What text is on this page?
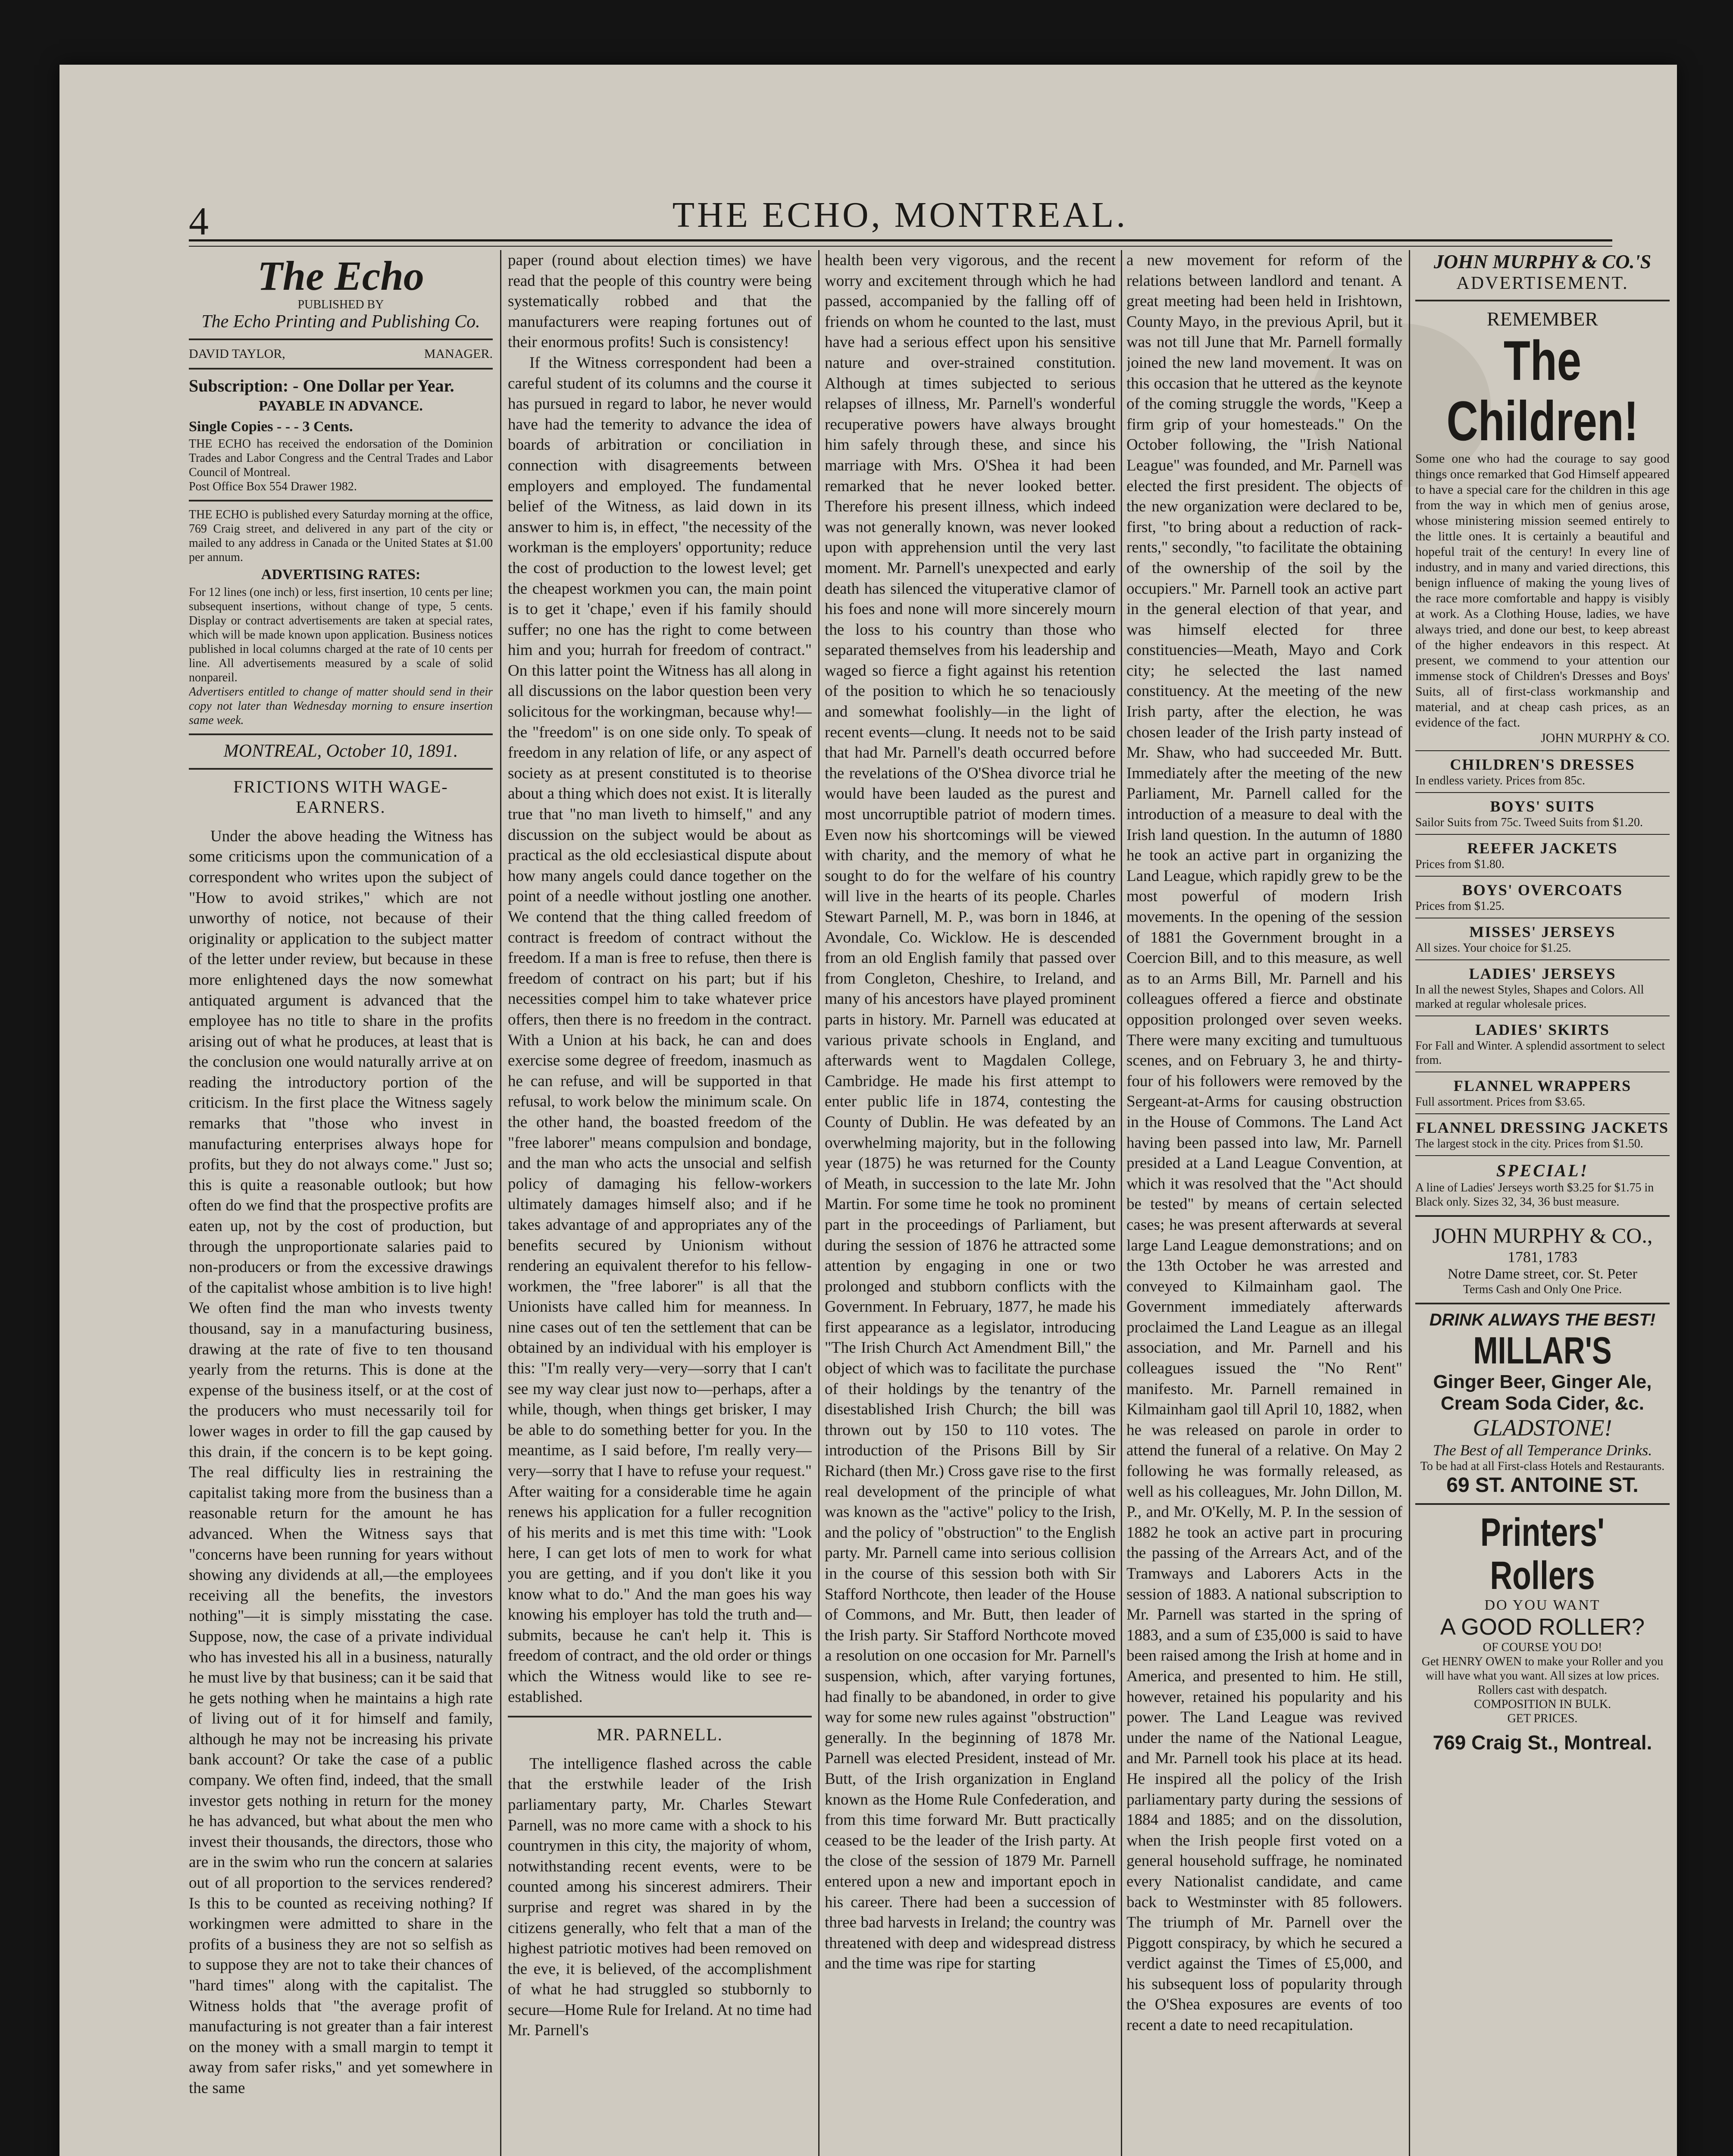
4	THE ECHO, MONTREAL.
The Echo
PUBLISHED BY
The Echo Printing and Publishing Co.
DAVID TAYLOR,	MANAGER.
Subscription: - One Dollar per Year.
PAYABLE IN ADVANCE.
Single Copies - - - 3 Cents.
THE ECHO has received the endorsation of the Dominion Trades and Labor Congress and the Central Trades and Labor Council of Montreal.
Post Office Box 554 Drawer 1982.
THE ECHO is published every Saturday morning at the office, 769 Craig street, and delivered in any part of the city or mailed to any address in Canada or the United States at $1.00 per annum.
ADVERTISING RATES:
For 12 lines (one inch) or less, first insertion, 10 cents per line; subsequent insertions, without change of type, 5 cents. Display or contract advertisements are taken at special rates, which will be made known upon application. Business notices published in local columns charged at the rate of 10 cents per line. All advertisements measured by a scale of solid nonpareil.
Advertisers entitled to change of matter should send in their copy not later than Wednesday morning to ensure insertion same week.
MONTREAL, October 10, 1891.
FRICTIONS WITH WAGE-EARNERS.

Under the above heading the Witness has some criticisms upon the communication of a correspondent who writes upon the subject of "How to avoid strikes," which are not unworthy of notice, not because of their originality or application to the subject matter of the letter under review, but because in these more enlightened days the now somewhat antiquated argument is advanced that the employee has no title to share in the profits arising out of what he produces, at least that is the conclusion one would naturally arrive at on reading the introductory portion of the criticism. In the first place the Witness sagely remarks that "those who invest in manufacturing enterprises always hope for profits, but they do not always come." Just so; this is quite a reasonable outlook; but how often do we find that the prospective profits are eaten up, not by the cost of production, but through the unproportionate salaries paid to non-producers or from the excessive drawings of the capitalist whose ambition is to live high! We often find the man who invests twenty thousand, say in a manufacturing business, drawing at the rate of five to ten thousand yearly from the returns. This is done at the expense of the business itself, or at the cost of the producers who must necessarily toil for lower wages in order to fill the gap caused by this drain, if the concern is to be kept going. The real difficulty lies in restraining the capitalist taking more from the business than a reasonable return for the amount he has advanced. When the Witness says that "concerns have been running for years without showing any dividends at all,—the employees receiving all the benefits, the investors nothing"—it is simply misstating the case. Suppose, now, the case of a private individual who has invested his all in a business, naturally he must live by that business; can it be said that he gets nothing when he maintains a high rate of living out of it for himself and family, although he may not be increasing his private bank account? Or take the case of a public company. We often find, indeed, that the small investor gets nothing in return for the money he has advanced, but what about the men who invest their thousands, the directors, those who are in the swim who run the concern at salaries out of all proportion to the services rendered? Is this to be counted as receiving nothing? If workingmen were admitted to share in the profits of a business they are not so selfish as to suppose they are not to take their chances of "hard times" along with the capitalist. The Witness holds that "the average profit of manufacturing is not greater than a fair interest on the money with a small margin to tempt it away from safer risks," and yet somewhere in the same

paper (round about election times) we have read that the people of this country were being systematically robbed and that the manufacturers were reaping fortunes out of their enormous profits! Such is consistency!

If the Witness correspondent had been a careful student of its columns and the course it has pursued in regard to labor, he never would have had the temerity to advance the idea of boards of arbitration or conciliation in connection with disagreements between employers and employed. The fundamental belief of the Witness, as laid down in its answer to him is, in effect, "the necessity of the workman is the employers' opportunity; reduce the cost of production to the lowest level; get the cheapest workmen you can, the main point is to get it 'chape,' even if his family should suffer; no one has the right to come between him and you; hurrah for freedom of contract." On this latter point the Witness has all along in all discussions on the labor question been very solicitous for the workingman, because why!—the "freedom" is on one side only. To speak of freedom in any relation of life, or any aspect of society as at present constituted is to theorise about a thing which does not exist. It is literally true that "no man liveth to himself," and any discussion on the subject would be about as practical as the old ecclesiastical dispute about how many angels could dance together on the point of a needle without jostling one another. We contend that the thing called freedom of contract is freedom of contract without the freedom. If a man is free to refuse, then there is freedom of contract on his part; but if his necessities compel him to take whatever price offers, then there is no freedom in the contract. With a Union at his back, he can and does exercise some degree of freedom, inasmuch as he can refuse, and will be supported in that refusal, to work below the minimum scale. On the other hand, the boasted freedom of the "free laborer" means compulsion and bondage, and the man who acts the unsocial and selfish policy of damaging his fellow-workers ultimately damages himself also; and if he takes advantage of and appropriates any of the benefits secured by Unionism without rendering an equivalent therefor to his fellow-workmen, the "free laborer" is all that the Unionists have called him for meanness. In nine cases out of ten the settlement that can be obtained by an individual with his employer is this: "I'm really very—very—sorry that I can't see my way clear just now to—perhaps, after a while, though, when things get brisker, I may be able to do something better for you. In the meantime, as I said before, I'm really very—very—sorry that I have to refuse your request." After waiting for a considerable time he again renews his application for a fuller recognition of his merits and is met this time with: "Look here, I can get lots of men to work for what you are getting, and if you don't like it you know what to do." And the man goes his way knowing his employer has told the truth and—submits, because he can't help it. This is freedom of contract, and the old order or things which the Witness would like to see re-established.

MR. PARNELL.

The intelligence flashed across the cable that the erstwhile leader of the Irish parliamentary party, Mr. Charles Stewart Parnell, was no more came with a shock to his countrymen in this city, the majority of whom, notwithstanding recent events, were to be counted among his sincerest admirers. Their surprise and regret was shared in by the citizens generally, who felt that a man of the highest patriotic motives had been removed on the eve, it is believed, of the accomplishment of what he had struggled so stubbornly to secure—Home Rule for Ireland. At no time had Mr. Parnell's

health been very vigorous, and the recent worry and excitement through which he had passed, accompanied by the falling off of friends on whom he counted to the last, must have had a serious effect upon his sensitive nature and over-strained constitution. Although at times subjected to serious relapses of illness, Mr. Parnell's wonderful recuperative powers have always brought him safely through these, and since his marriage with Mrs. O'Shea it had been remarked that he never looked better. Therefore his present illness, which indeed was not generally known, was never looked upon with apprehension until the very last moment. Mr. Parnell's unexpected and early death has silenced the vituperative clamor of his foes and none will more sincerely mourn the loss to his country than those who separated themselves from his leadership and waged so fierce a fight against his retention of the position to which he so tenaciously and somewhat foolishly—in the light of recent events—clung. It needs not to be said that had Mr. Parnell's death occurred before the revelations of the O'Shea divorce trial he would have been lauded as the purest and most uncorruptible patriot of modern times. Even now his shortcomings will be viewed with charity, and the memory of what he sought to do for the welfare of his country will live in the hearts of its people. Charles Stewart Parnell, M. P., was born in 1846, at Avondale, Co. Wicklow. He is descended from an old English family that passed over from Congleton, Cheshire, to Ireland, and many of his ancestors have played prominent parts in history. Mr. Parnell was educated at various private schools in England, and afterwards went to Magdalen College, Cambridge. He made his first attempt to enter public life in 1874, contesting the County of Dublin. He was defeated by an overwhelming majority, but in the following year (1875) he was returned for the County of Meath, in succession to the late Mr. John Martin. For some time he took no prominent part in the proceedings of Parliament, but during the session of 1876 he attracted some attention by engaging in one or two prolonged and stubborn conflicts with the Government. In February, 1877, he made his first appearance as a legislator, introducing "The Irish Church Act Amendment Bill," the object of which was to facilitate the purchase of their holdings by the tenantry of the disestablished Irish Church; the bill was thrown out by 150 to 110 votes. The introduction of the Prisons Bill by Sir Richard (then Mr.) Cross gave rise to the first real development of the principle of what was known as the "active" policy to the Irish, and the policy of "obstruction" to the English party. Mr. Parnell came into serious collision in the course of this session both with Sir Stafford Northcote, then leader of the House of Commons, and Mr. Butt, then leader of the Irish party. Sir Stafford Northcote moved a resolution on one occasion for Mr. Parnell's suspension, which, after varying fortunes, had finally to be abandoned, in order to give way for some new rules against "obstruction" generally. In the beginning of 1878 Mr. Parnell was elected President, instead of Mr. Butt, of the Irish organization in England known as the Home Rule Confederation, and from this time forward Mr. Butt practically ceased to be the leader of the Irish party. At the close of the session of 1879 Mr. Parnell entered upon a new and important epoch in his career. There had been a succession of three bad harvests in Ireland; the country was threatened with deep and widespread distress and the time was ripe for starting

a new movement for reform of the relations between landlord and tenant. A great meeting had been held in Irishtown, County Mayo, in the previous April, but it was not till June that Mr. Parnell formally joined the new land movement. It was on this occasion that he uttered as the keynote of the coming struggle the words, "Keep a firm grip of your homesteads." On the October following, the "Irish National League" was founded, and Mr. Parnell was elected the first president. The objects of the new organization were declared to be, first, "to bring about a reduction of rack-rents," secondly, "to facilitate the obtaining of the ownership of the soil by the occupiers." Mr. Parnell took an active part in the general election of that year, and was himself elected for three constituencies—Meath, Mayo and Cork city; he selected the last named constituency. At the meeting of the new Irish party, after the election, he was chosen leader of the Irish party instead of Mr. Shaw, who had succeeded Mr. Butt. Immediately after the meeting of the new Parliament, Mr. Parnell called for the introduction of a measure to deal with the Irish land question. In the autumn of 1880 he took an active part in organizing the Land League, which rapidly grew to be the most powerful of modern Irish movements. In the opening of the session of 1881 the Government brought in a Coercion Bill, and to this measure, as well as to an Arms Bill, Mr. Parnell and his colleagues offered a fierce and obstinate opposition prolonged over seven weeks. There were many exciting and tumultuous scenes, and on February 3, he and thirty-four of his followers were removed by the Sergeant-at-Arms for causing obstruction in the House of Commons. The Land Act having been passed into law, Mr. Parnell presided at a Land League Convention, at which it was resolved that the "Act should be tested" by means of certain selected cases; he was present afterwards at several large Land League demonstrations; and on the 13th October he was arrested and conveyed to Kilmainham gaol. The Government immediately afterwards proclaimed the Land League as an illegal association, and Mr. Parnell and his colleagues issued the "No Rent" manifesto. Mr. Parnell remained in Kilmainham gaol till April 10, 1882, when he was released on parole in order to attend the funeral of a relative. On May 2 following he was formally released, as well as his colleagues, Mr. John Dillon, M. P., and Mr. O'Kelly, M. P. In the session of 1882 he took an active part in procuring the passing of the Arrears Act, and of the Tramways and Laborers Acts in the session of 1883. A national subscription to Mr. Parnell was started in the spring of 1883, and a sum of £35,000 is said to have been raised among the Irish at home and in America, and presented to him. He still, however, retained his popularity and his power. The Land League was revived under the name of the National League, and Mr. Parnell took his place at its head. He inspired all the policy of the Irish parliamentary party during the sessions of 1884 and 1885; and on the dissolution, when the Irish people first voted on a general household suffrage, he nominated every Nationalist candidate, and came back to Westminster with 85 followers. The triumph of Mr. Parnell over the Piggott conspiracy, by which he secured a verdict against the Times of £5,000, and his subsequent loss of popularity through the O'Shea exposures are events of too recent a date to need recapitulation.

JOHN MURPHY & CO.'S
ADVERTISEMENT.
REMEMBER
The Children!
Some one who had the courage to say good things once remarked that God Himself appeared to have a special care for the children in this age from the way in which men of genius arose, whose ministering mission seemed entirely to the little ones. It is certainly a beautiful and hopeful trait of the century! In every line of industry, and in many and varied directions, this benign influence of making the young lives of the race more comfortable and happy is visibly at work. As a Clothing House, ladies, we have always tried, and done our best, to keep abreast of the higher endeavors in this respect. At present, we commend to your attention our immense stock of Children's Dresses and Boys' Suits, all of first-class workmanship and material, and at cheap cash prices, as an evidence of the fact.
JOHN MURPHY & CO.
CHILDREN'S DRESSES
In endless variety. Prices from 85c.
BOYS' SUITS
Sailor Suits from 75c. Tweed Suits from $1.20.
REEFER JACKETS
Prices from $1.80.
BOYS' OVERCOATS
Prices from $1.25.
MISSES' JERSEYS
All sizes. Your choice for $1.25.
LADIES' JERSEYS
In all the newest Styles, Shapes and Colors. All marked at regular wholesale prices.
LADIES' SKIRTS
For Fall and Winter. A splendid assortment to select from.
FLANNEL WRAPPERS
Full assortment. Prices from $3.65.
FLANNEL DRESSING JACKETS
The largest stock in the city. Prices from $1.50.
SPECIAL!
A line of Ladies' Jerseys worth $3.25 for $1.75 in Black only. Sizes 32, 34, 36 bust measure.
JOHN MURPHY & CO.,
1781, 1783
Notre Dame street, cor. St. Peter
Terms Cash and Only One Price.
DRINK ALWAYS THE BEST!
MILLAR'S
Ginger Beer, Ginger Ale,
Cream Soda Cider, &c.
GLADSTONE!
The Best of all Temperance Drinks.
To be had at all First-class Hotels and Restaurants.
69 ST. ANTOINE ST.
Printers' Rollers
DO YOU WANT
A GOOD ROLLER?
OF COURSE YOU DO!
Get HENRY OWEN to make your Roller and you will have what you want. All sizes at low prices. Rollers cast with despatch.
COMPOSITION IN BULK.
GET PRICES.
769 Craig St., Montreal.
